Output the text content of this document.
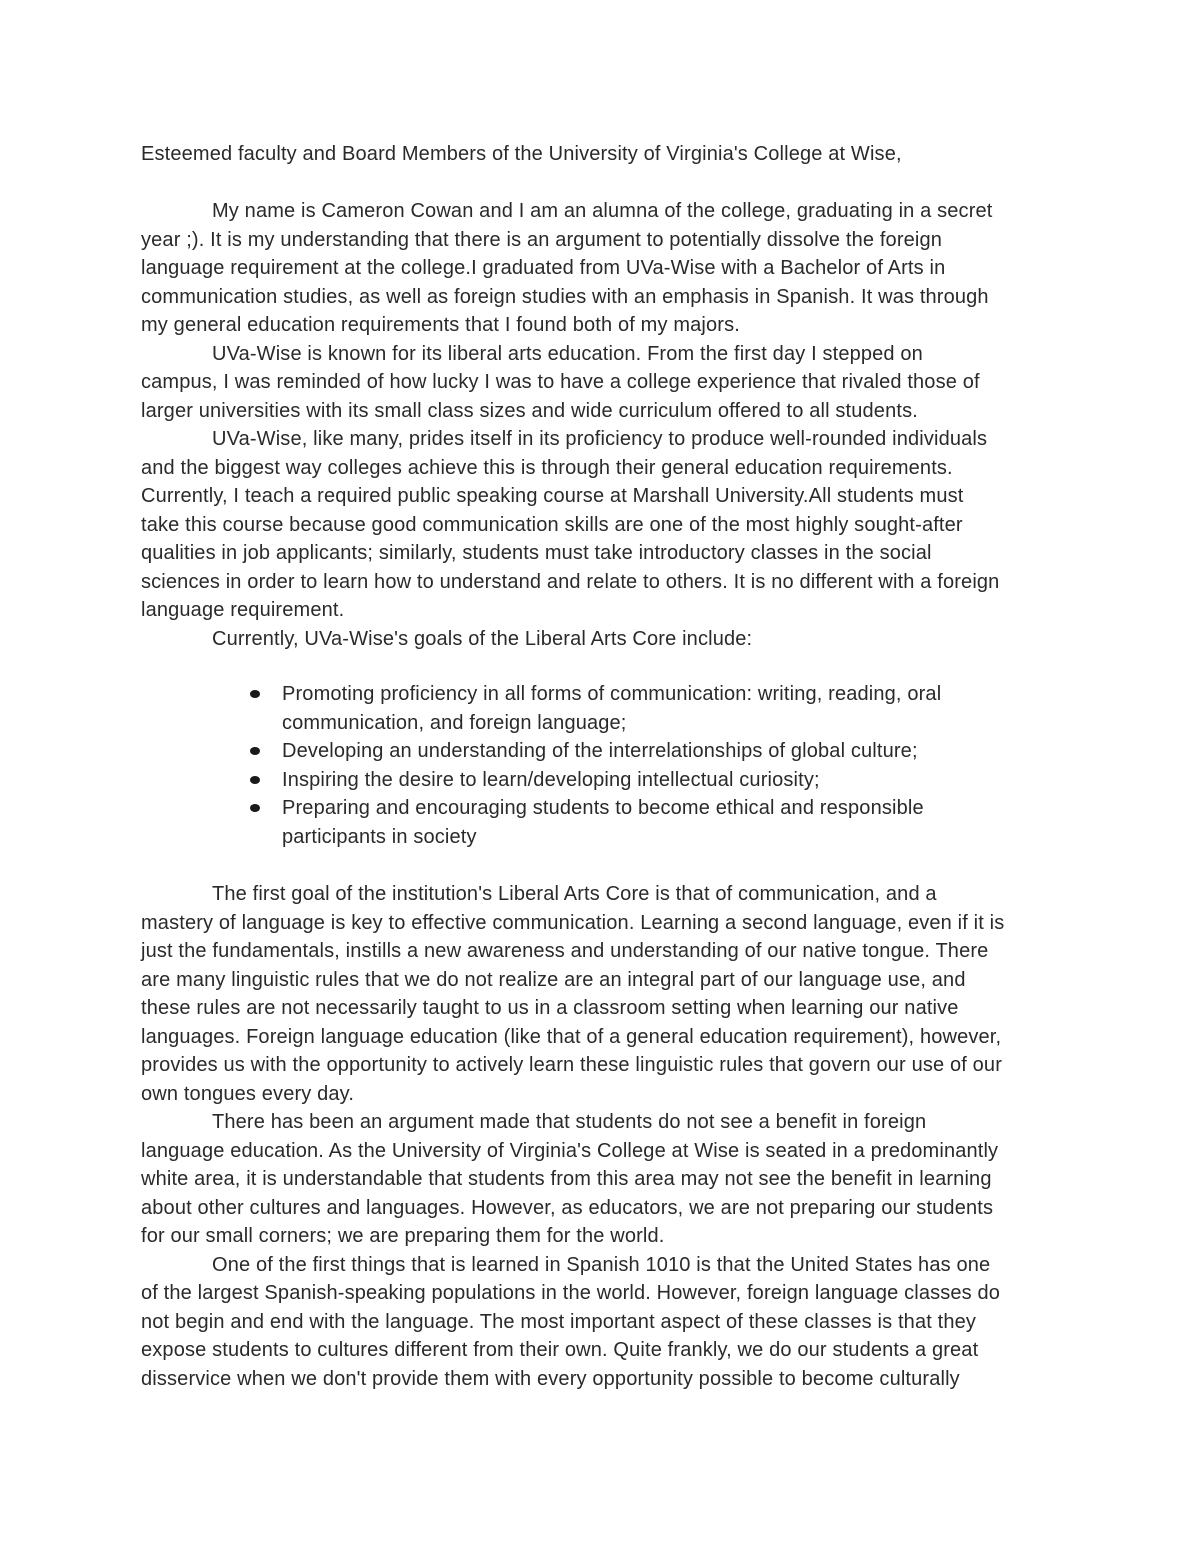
Esteemed faculty and Board Members of the University of Virginia's College at Wise,

My name is Cameron Cowan and I am an alumna of the college, graduating in a secret
year ;). It is my understanding that there is an argument to potentially dissolve the foreign
language requirement at the college.I graduated from UVa-Wise with a Bachelor of Arts in
communication studies, as well as foreign studies with an emphasis in Spanish. It was through
my general education requirements that I found both of my majors.

UVa-Wise is known for its liberal arts education. From the first day I stepped on
campus, I was reminded of how lucky I was to have a college experience that rivaled those of
larger universities with its small class sizes and wide curriculum offered to all students.

UVa-Wise, like many, prides itself in its proficiency to produce well-rounded individuals
and the biggest way colleges achieve this is through their general education requirements.
Currently, I teach a required public speaking course at Marshall University.All students must
take this course because good communication skills are one of the most highly sought-after
qualities in job applicants; similarly, students must take introductory classes in the social
sciences in order to learn how to understand and relate to others. It is no different with a foreign
language requirement.

Currently, UVa-Wise's goals of the Liberal Arts Core include:

Promoting proficiency in all forms of communication: writing, reading, oral
communication, and foreign language;
Developing an understanding of the interrelationships of global culture;
Inspiring the desire to learn/developing intellectual curiosity;
Preparing and encouraging students to become ethical and responsible
participants in society

The first goal of the institution's Liberal Arts Core is that of communication, and a
mastery of language is key to effective communication. Learning a second language, even if it is
just the fundamentals, instills a new awareness and understanding of our native tongue. There
are many linguistic rules that we do not realize are an integral part of our language use, and
these rules are not necessarily taught to us in a classroom setting when learning our native
languages. Foreign language education (like that of a general education requirement), however,
provides us with the opportunity to actively learn these linguistic rules that govern our use of our
own tongues every day.

There has been an argument made that students do not see a benefit in foreign
language education. As the University of Virginia's College at Wise is seated in a predominantly
white area, it is understandable that students from this area may not see the benefit in learning
about other cultures and languages. However, as educators, we are not preparing our students
for our small corners; we are preparing them for the world.

One of the first things that is learned in Spanish 1010 is that the United States has one
of the largest Spanish-speaking populations in the world. However, foreign language classes do
not begin and end with the language. The most important aspect of these classes is that they
expose students to cultures different from their own. Quite frankly, we do our students a great
disservice when we don't provide them with every opportunity possible to become culturally
